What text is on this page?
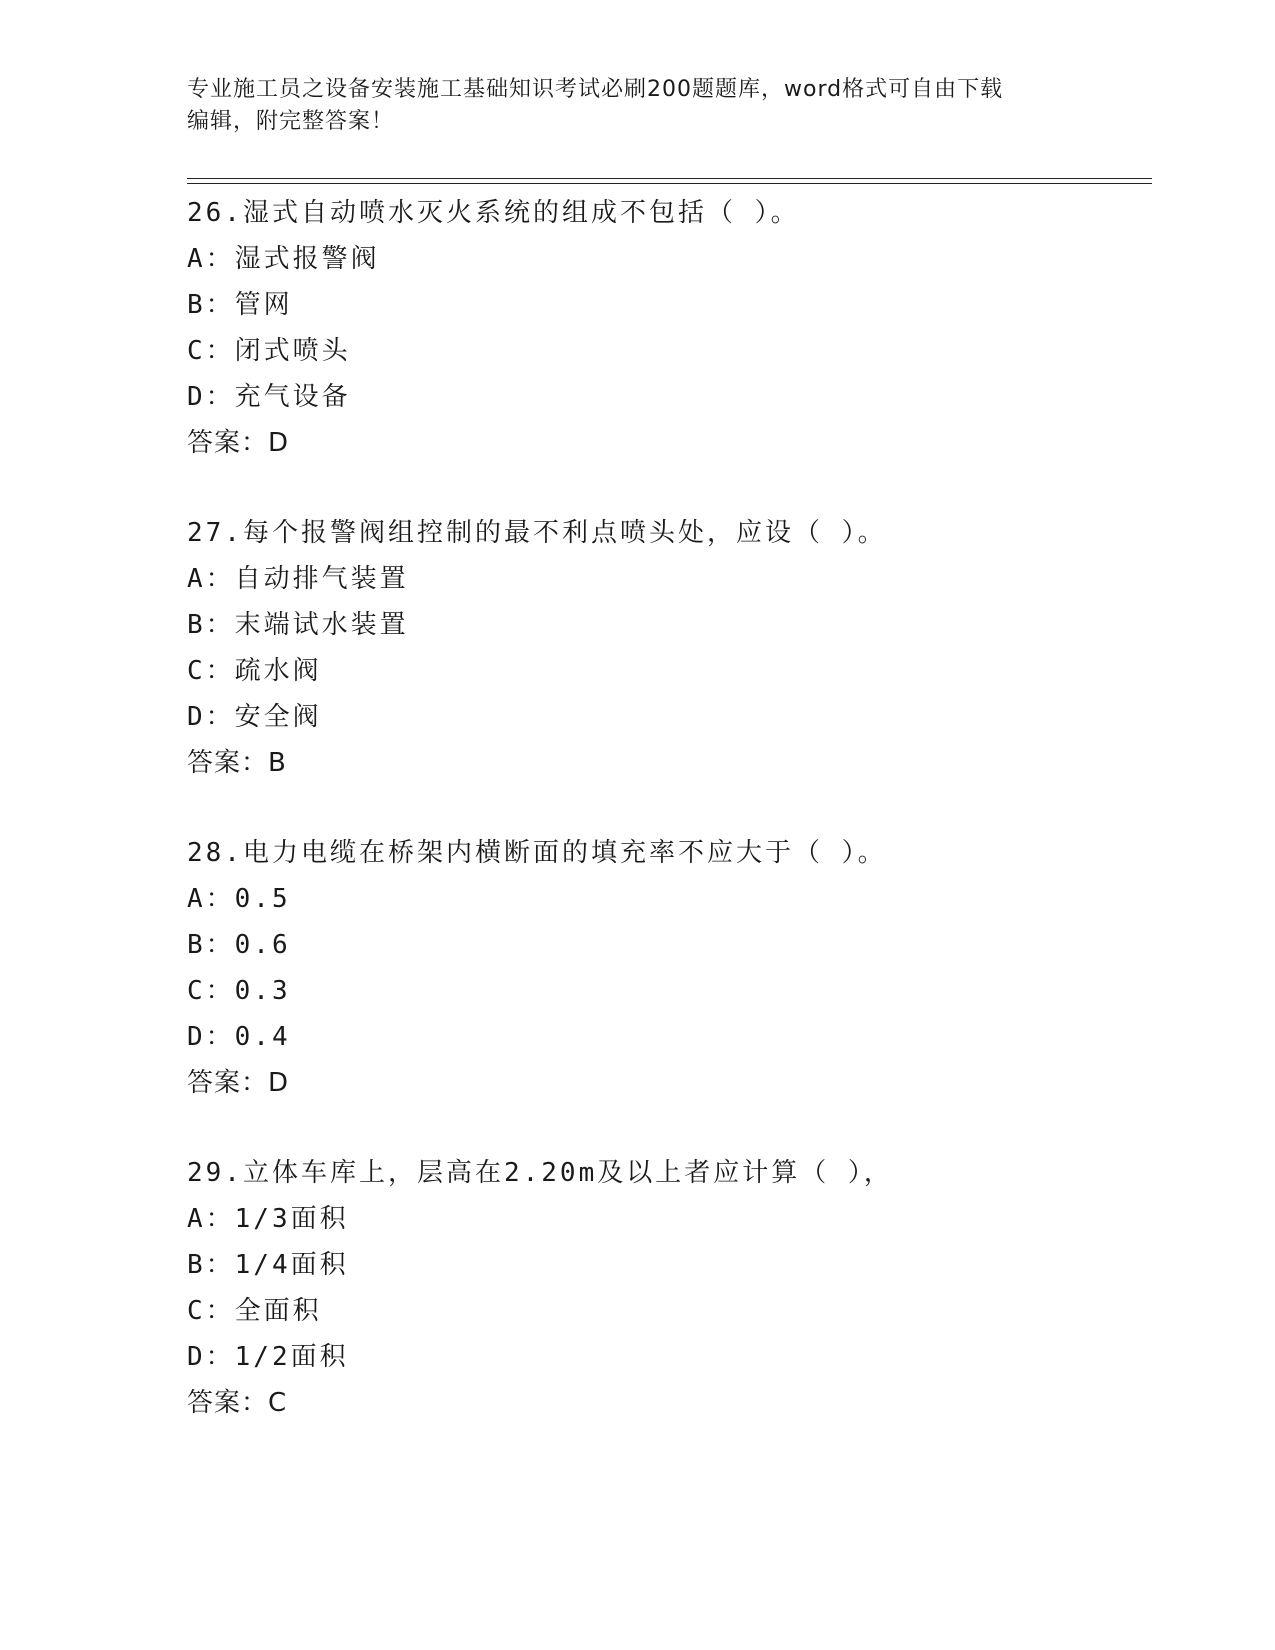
专业施工员之设备安装施工基础知识考试必刷200题题库，word格式可自由下载
编辑，附完整答案！
26.湿式自动喷水灭火系统的组成不包括（ ）。
A：湿式报警阀
B：管网
C：闭式喷头
D：充气设备
答案：D
27.每个报警阀组控制的最不利点喷头处，应设（ ）。
A：自动排气装置
B：末端试水装置
C：疏水阀
D：安全阀
答案：B
28.电力电缆在桥架内横断面的填充率不应大于（ ）。
A：0.5
B：0.6
C：0.3
D：0.4
答案：D
29.立体车库上，层高在2.20m及以上者应计算（ ），
A：1/3面积
B：1/4面积
C：全面积
D：1/2面积
答案：C
